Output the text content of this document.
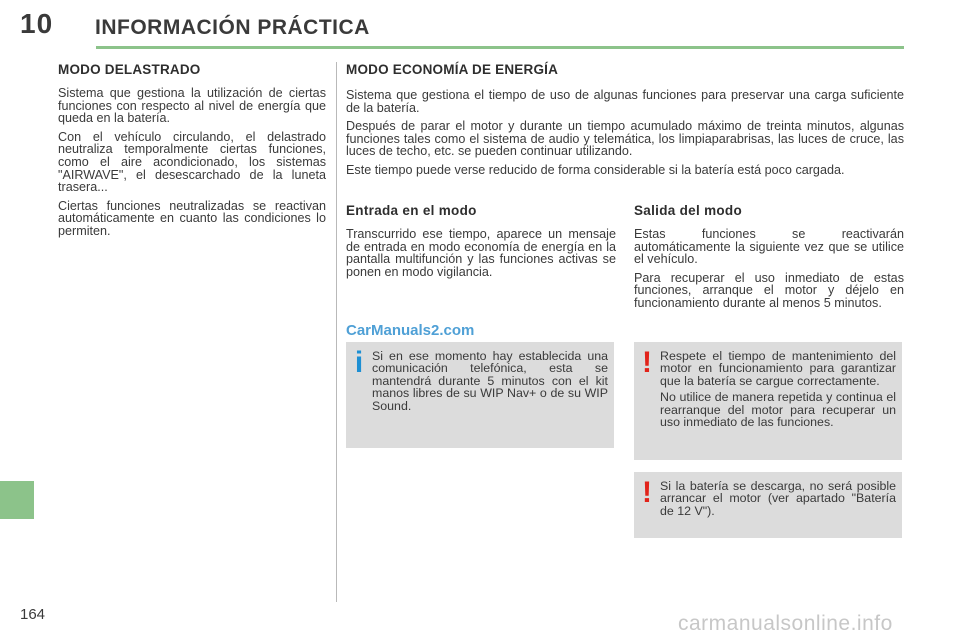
10 INFORMACIÓN PRÁCTICA
164
MODO DELASTRADO

Sistema que gestiona la utilización de ciertas funciones con respecto al nivel de energía que queda en la batería.

Con el vehículo circulando, el delastrado neutraliza temporalmente ciertas funciones, como el aire acondicionado, los sistemas "AIRWAVE", el desescarchado de la luneta trasera...

Ciertas funciones neutralizadas se reactivan automáticamente en cuanto las condiciones lo permiten.

MODO ECONOMÍA DE ENERGÍA

Sistema que gestiona el tiempo de uso de algunas funciones para preservar una carga suficiente de la batería.

Después de parar el motor y durante un tiempo acumulado máximo de treinta minutos, algunas funciones tales como el sistema de audio y telemática, los limpiaparabrisas, las luces de cruce, las luces de techo, etc. se pueden continuar utilizando.

Este tiempo puede verse reducido de forma considerable si la batería está poco cargada.

Entrada en el modo

Transcurrido ese tiempo, aparece un mensaje de entrada en modo economía de energía en la pantalla multifunción y las funciones activas se ponen en modo vigilancia.

Salida del modo

Estas funciones se reactivarán automáticamente la siguiente vez que se utilice el vehículo.

Para recuperar el uso inmediato de estas funciones, arranque el motor y déjelo en funcionamiento durante al menos 5 minutos.

CarManuals2.com
i Si en ese momento hay establecida una comunicación telefónica, esta se mantendrá durante 5 minutos con el kit manos libres de su WIP Nav+ o de su WIP Sound.

! Respete el tiempo de mantenimiento del motor en funcionamiento para garantizar que la batería se cargue correctamente.

No utilice de manera repetida y continua el rearranque del motor para recuperar un uso inmediato de las funciones.

! Si la batería se descarga, no será posible arrancar el motor (ver apartado "Batería de 12 V").

carmanualsonline.info
